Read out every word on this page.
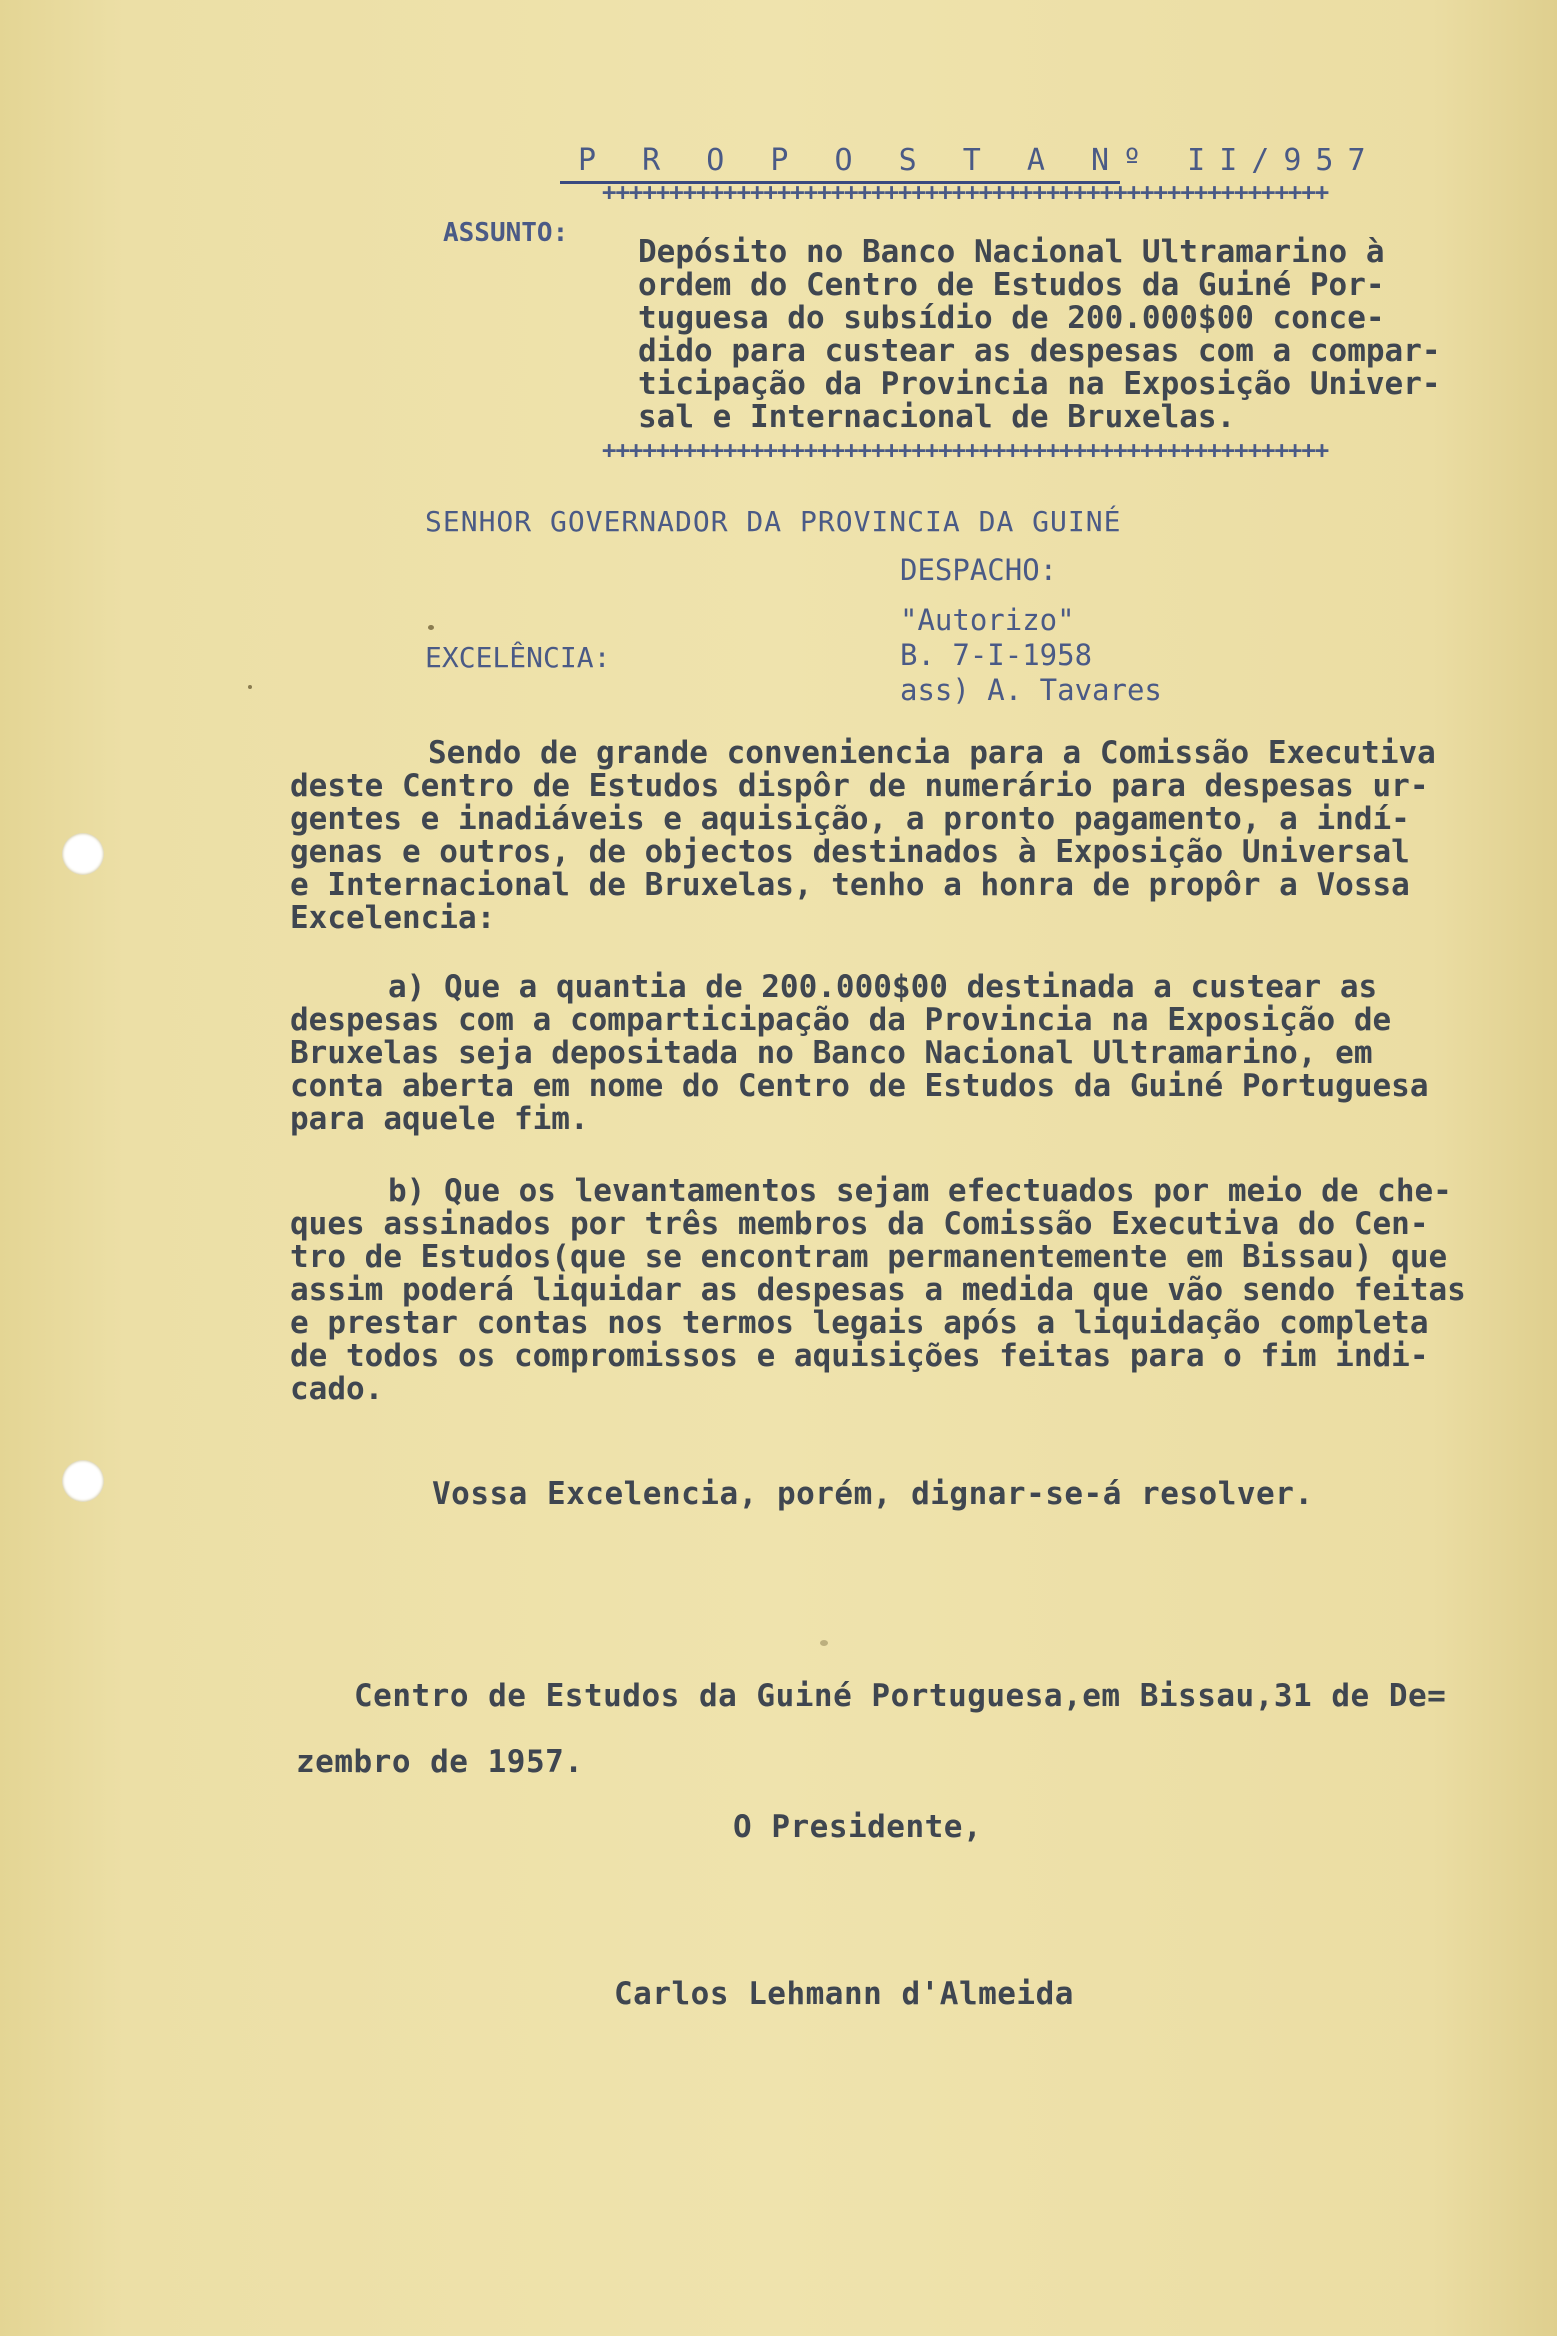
P R O P O S T A Nº II/957
++++++++++++++++++++++++++++++++++++++++++++++++++++++
ASSUNTO:
Depósito no Banco Nacional Ultramarino à
ordem do Centro de Estudos da Guiné Por-
tuguesa do subsídio de 200.000$00 conce-
dido para custear as despesas com a compar-
ticipação da Provincia na Exposição Univer-
sal e Internacional de Bruxelas.
++++++++++++++++++++++++++++++++++++++++++++++++++++++
SENHOR GOVERNADOR DA PROVINCIA DA GUINÉ
DESPACHO:
"Autorizo"
B. 7-I-1958
ass) A. Tavares
EXCELÊNCIA:
Sendo de grande conveniencia para a Comissão Executiva
deste Centro de Estudos dispôr de numerário para despesas ur-
gentes e inadiáveis e aquisição, a pronto pagamento, a indí-
genas e outros, de objectos destinados à Exposição Universal
e Internacional de Bruxelas, tenho a honra de propôr a Vossa
Excelencia:
a) Que a quantia de 200.000$00 destinada a custear as
despesas com a comparticipação da Provincia na Exposição de
Bruxelas seja depositada no Banco Nacional Ultramarino, em
conta aberta em nome do Centro de Estudos da Guiné Portuguesa
para aquele fim.
b) Que os levantamentos sejam efectuados por meio de che-
ques assinados por três membros da Comissão Executiva do Cen-
tro de Estudos(que se encontram permanentemente em Bissau) que
assim poderá liquidar as despesas a medida que vão sendo feitas
e prestar contas nos termos legais após a liquidação completa
de todos os compromissos e aquisições feitas para o fim indi-
cado.
Vossa Excelencia, porém, dignar-se-á resolver.
Centro de Estudos da Guiné Portuguesa,em Bissau,31 de De=
zembro de 1957.
O Presidente,
Carlos Lehmann d'Almeida
